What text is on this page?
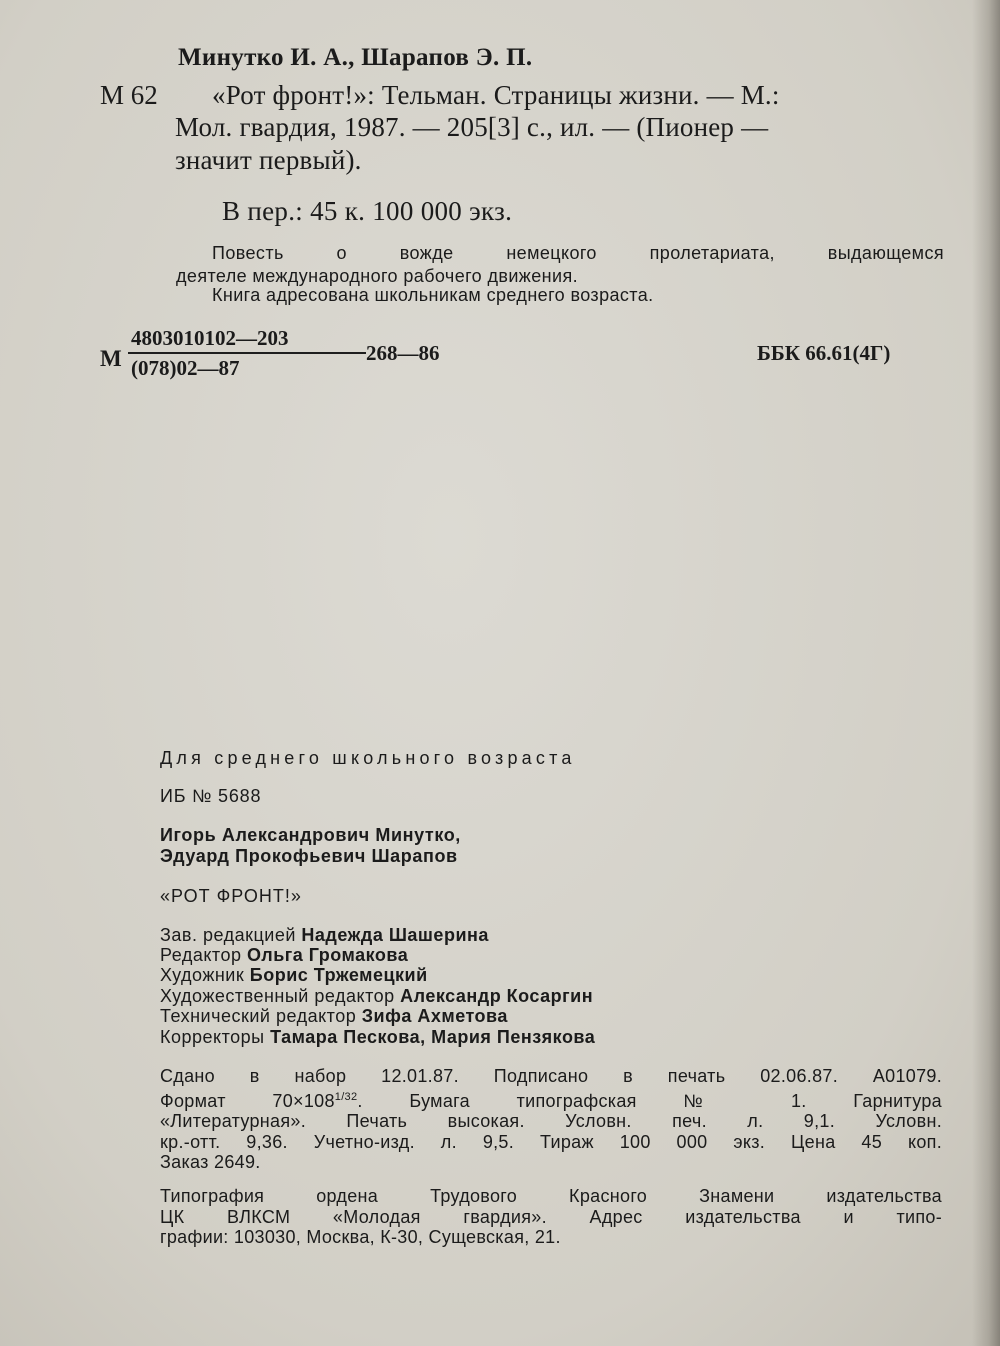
Минутко И. А., Шарапов Э. П.
М 62 «Рот фронт!»: Тельман. Страницы жизни. — М.:
Мол. гвардия, 1987. — 205[3] с., ил. — (Пионер —
значит первый).
В пер.: 45 к. 100 000 экз.
Повесть о вожде немецкого пролетариата, выдающемся
деятеле международного рабочего движения.
Книга адресована школьникам среднего возраста.
М
4803010102—203
(078)02—87
268—86	ББК 66.61(4Г)
Для среднего школьного возраста
ИБ № 5688
Игорь Александрович Минутко,
Эдуард Прокофьевич Шарапов
«РОТ ФРОНТ!»
Зав. редакцией Надежда Шашерина
Редактор Ольга Громакова
Художник Борис Тржемецкий
Художественный редактор Александр Косаргин
Технический редактор Зифа Ахметова
Корректоры Тамара Пескова, Мария Пензякова

Сдано в набор 12.01.87. Подписано в печать 02.06.87. А01079.

Формат $70\times 108^{1/32}$. Бумага типографская № 1. Гарнитура

«Литературная». Печать высокая. Условн. печ. л. 9,1. Условн.

кр.-отт. 9,36. Учетно-изд. л. 9,5. Тираж 100 000 экз. Цена 45 коп.

Заказ 2649.

Типография ордена Трудового Красного Знамени издательства

ЦК ВЛКСМ «Молодая гвардия». Адрес издательства и типо-

графии: 103030, Москва, К-30, Сущевская, 21.
